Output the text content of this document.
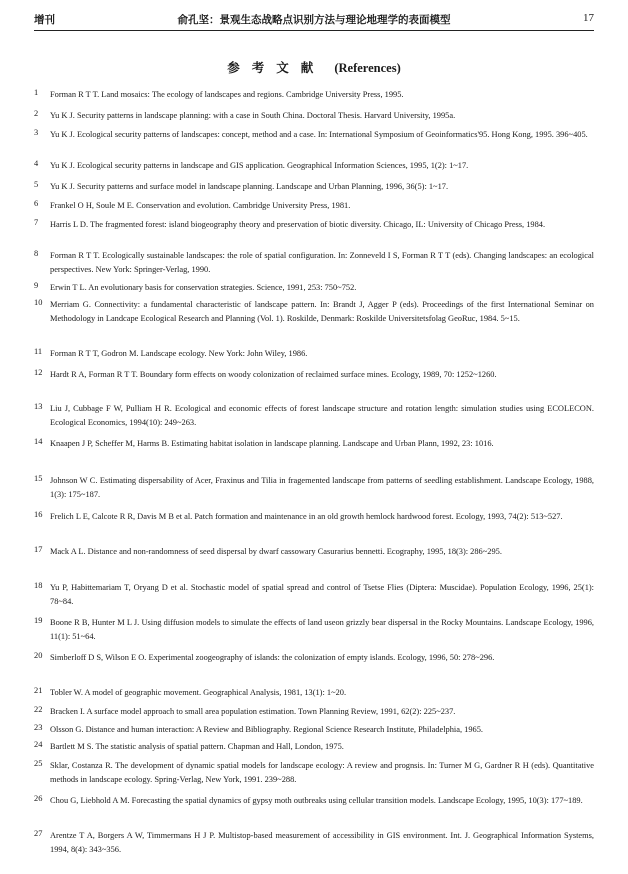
增刊	俞孔坚：景观生态战略点识别方法与理论地理学的表面模型	17
参考文献 (References)
1	Forman R T T. Land mosaics: The ecology of landscapes and regions. Cambridge University Press, 1995.
2	Yu K J. Security patterns in landscape planning: with a case in South China. Doctoral Thesis. Harvard University, 1995a.
3	Yu K J. Ecological security patterns of landscapes: concept, method and a case. In: International Symposium of Geoinformatics'95. Hong Kong, 1995. 396~405.
4	Yu K J. Ecological security patterns in landscape and GIS application. Geographical Information Sciences, 1995, 1(2): 1~17.
5	Yu K J. Security patterns and surface model in landscape planning. Landscape and Urban Planning, 1996, 36(5): 1~17.
6	Frankel O H, Soule M E. Conservation and evolution. Cambridge University Press, 1981.
7	Harris L D. The fragmented forest: island biogeography theory and preservation of biotic diversity. Chicago, IL: University of Chicago Press, 1984.
8	Forman R T T. Ecologically sustainable landscapes: the role of spatial configuration. In: Zonneveld I S, Forman R T T (eds). Changing landscapes: an ecological perspectives. New York: Springer-Verlag, 1990.
9	Erwin T L. An evolutionary basis for conservation strategies. Science, 1991, 253: 750~752.
10 Merriam G. Connectivity: a fundamental characteristic of landscape pattern. In: Brandt J, Agger P (eds). Proceedings of the first International Seminar on Methodology in Landcape Ecological Research and Planning (Vol. 1). Roskilde, Denmark: Roskilde Universitetsfolag GeoRuc, 1984. 5~15.
11 Forman R T T, Godron M. Landscape ecology. New York: John Wiley, 1986.
12 Hardt R A, Forman R T T. Boundary form effects on woody colonization of reclaimed surface mines. Ecology, 1989, 70: 1252~1260.
13 Liu J, Cubbage F W, Pulliam H R. Ecological and economic effects of forest landscape structure and rotation length: simulation studies using ECOLECON. Ecological Economics, 1994(10): 249~263.
14 Knaapen J P, Scheffer M, Harms B. Estimating habitat isolation in landscape planning. Landscape and Urban Plann, 1992, 23: 1016.
15 Johnson W C. Estimating dispersability of Acer, Fraxinus and Tilia in fragemented landscape from patterns of seedling establishment. Landscape Ecology, 1988, 1(3): 175~187.
16 Frelich L E, Calcote R R, Davis M B et al. Patch formation and maintenance in an old growth hemlock hardwood forest. Ecology, 1993, 74(2): 513~527.
17 Mack A L. Distance and non-randomness of seed dispersal by dwarf cassowary Casurarius bennetti. Ecography, 1995, 18(3): 286~295.
18 Yu P, Habittemariam T, Oryang D et al. Stochastic model of spatial spread and control of Tsetse Flies (Diptera: Muscidae). Population Ecology, 1996, 25(1): 78~84.
19 Boone R B, Hunter M L J. Using diffusion models to simulate the effects of land useon grizzly bear dispersal in the Rocky Mountains. Landscape Ecology, 1996, 11(1): 51~64.
20 Simberloff D S, Wilson E O. Experimental zoogeography of islands: the colonization of empty islands. Ecology, 1996, 50: 278~296.
21 Tobler W. A model of geographic movement. Geographical Analysis, 1981, 13(1): 1~20.
22 Bracken I. A surface model approach to small area population estimation. Town Planning Review, 1991, 62(2): 225~237.
23 Olsson G. Distance and human interaction: A Review and Bibliography. Regional Science Research Institute, Philadelphia, 1965.
24 Bartlett M S. The statistic analysis of spatial pattern. Chapman and Hall, London, 1975.
25 Sklar, Costanza R. The development of dynamic spatial models for landscape ecology: A review and prognsis. In: Turner M G, Gardner R H (eds). Quantitative methods in landscape ecology. Spring-Verlag, New York, 1991. 239~288.
26 Chou G, Liebhold A M. Forecasting the spatial dynamics of gypsy moth outbreaks using cellular transition models. Landscape Ecology, 1995, 10(3): 177~189.
27 Arentze T A, Borgers A W, Timmermans H J P. Multistop-based measurement of accessibility in GIS environment. Int. J. Geographical Information Systems, 1994, 8(4): 343~356.
